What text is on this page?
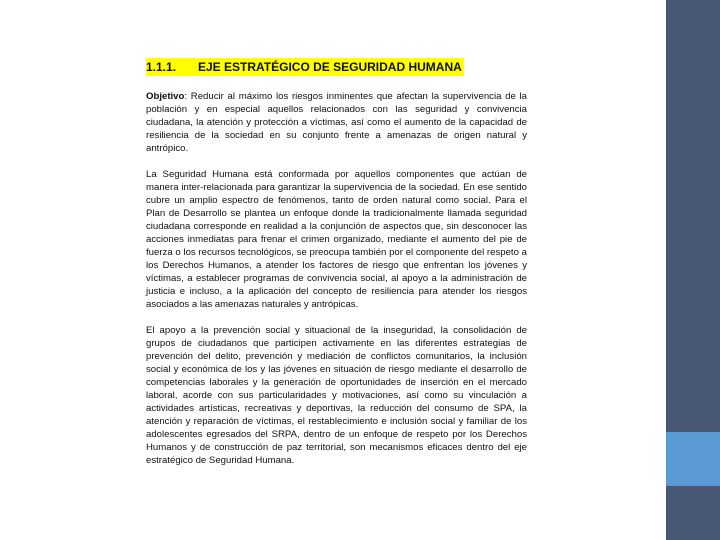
1.1.1. EJE ESTRATÉGICO DE SEGURIDAD HUMANA

Objetivo: Reducir al máximo los riesgos inminentes que afectan la supervivencia de la población y en especial aquellos relacionados con las seguridad y convivencia ciudadana, la atención y protección a víctimas, así como el aumento de la capacidad de resiliencia de la sociedad en su conjunto frente a amenazas de origen natural y antrópico.

La Seguridad Humana está conformada por aquellos componentes que actúan de manera inter-relacionada para garantizar la supervivencia de la sociedad. En ese sentido cubre un amplio espectro de fenómenos, tanto de orden natural como social. Para el Plan de Desarrollo se plantea un enfoque donde la tradicionalmente llamada seguridad ciudadana corresponde en realidad a la conjunción de aspectos que, sin desconocer las acciones inmediatas para frenar el crimen organizado, mediante el aumento del pie de fuerza o los recursos tecnológicos, se preocupa también por el componente del respeto a los Derechos Humanos, a atender los factores de riesgo que enfrentan los jóvenes y víctimas, a establecer programas de convivencia social, al apoyo a la administración de justicia e incluso, a la aplicación del concepto de resiliencia para atender los riesgos asociados a las amenazas naturales y antrópicas.

El apoyo a la prevención social y situacional de la inseguridad, la consolidación de grupos de ciudadanos que participen activamente en las diferentes estrategias de prevención del delito, prevención y mediación de conflictos comunitarios, la inclusión social y económica de los y las jóvenes en situación de riesgo mediante el desarrollo de competencias laborales y la generación de oportunidades de inserción en el mercado laboral, acorde con sus particularidades y motivaciones, así como su vinculación a actividades artísticas, recreativas y deportivas, la reducción del consumo de SPA, la atención y reparación de víctimas, el restablecimiento e inclusión social y familiar de los adolescentes egresados del SRPA, dentro de un enfoque de respeto por los Derechos Humanos y de construcción de paz territorial, son mecanismos eficaces dentro del eje estratégico de Seguridad Humana.
